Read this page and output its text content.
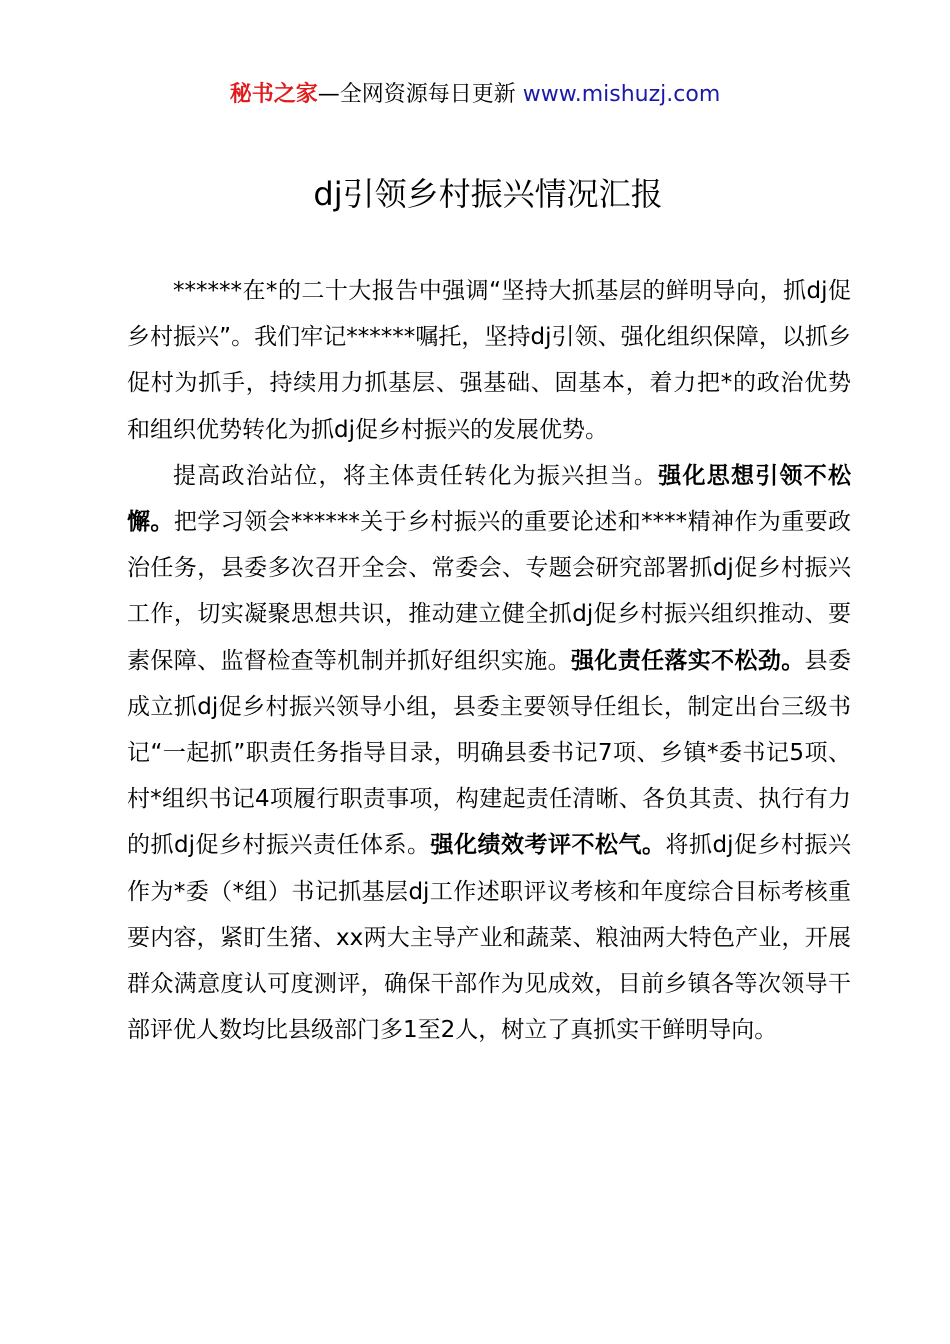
秘书之家—全网资源每日更新 www.mishuzj.com
dj引领乡村振兴情况汇报

******在*的二十大报告中强调“坚持大抓基层的鲜明导向，抓dj促乡村振兴”。我们牢记******嘱托，坚持dj引领、强化组织保障，以抓乡促村为抓手，持续用力抓基层、强基础、固基本，着力把*的政治优势和组织优势转化为抓dj促乡村振兴的发展优势。

提高政治站位，将主体责任转化为振兴担当。强化思想引领不松懈。把学习领会******关于乡村振兴的重要论述和****精神作为重要政治任务，县委多次召开全会、常委会、专题会研究部署抓dj促乡村振兴工作，切实凝聚思想共识，推动建立健全抓dj促乡村振兴组织推动、要素保障、监督检查等机制并抓好组织实施。强化责任落实不松劲。县委成立抓dj促乡村振兴领导小组，县委主要领导任组长，制定出台三级书记“一起抓”职责任务指导目录，明确县委书记7项、乡镇*委书记5项、村*组织书记4项履行职责事项，构建起责任清晰、各负其责、执行有力的抓dj促乡村振兴责任体系。强化绩效考评不松气。将抓dj促乡村振兴作为*委（*组）书记抓基层dj工作述职评议考核和年度综合目标考核重要内容，紧盯生猪、xx两大主导产业和蔬菜、粮油两大特色产业，开展群众满意度认可度测评，确保干部作为见成效，目前乡镇各等次领导干部评优人数均比县级部门多1至2人，树立了真抓实干鲜明导向。
